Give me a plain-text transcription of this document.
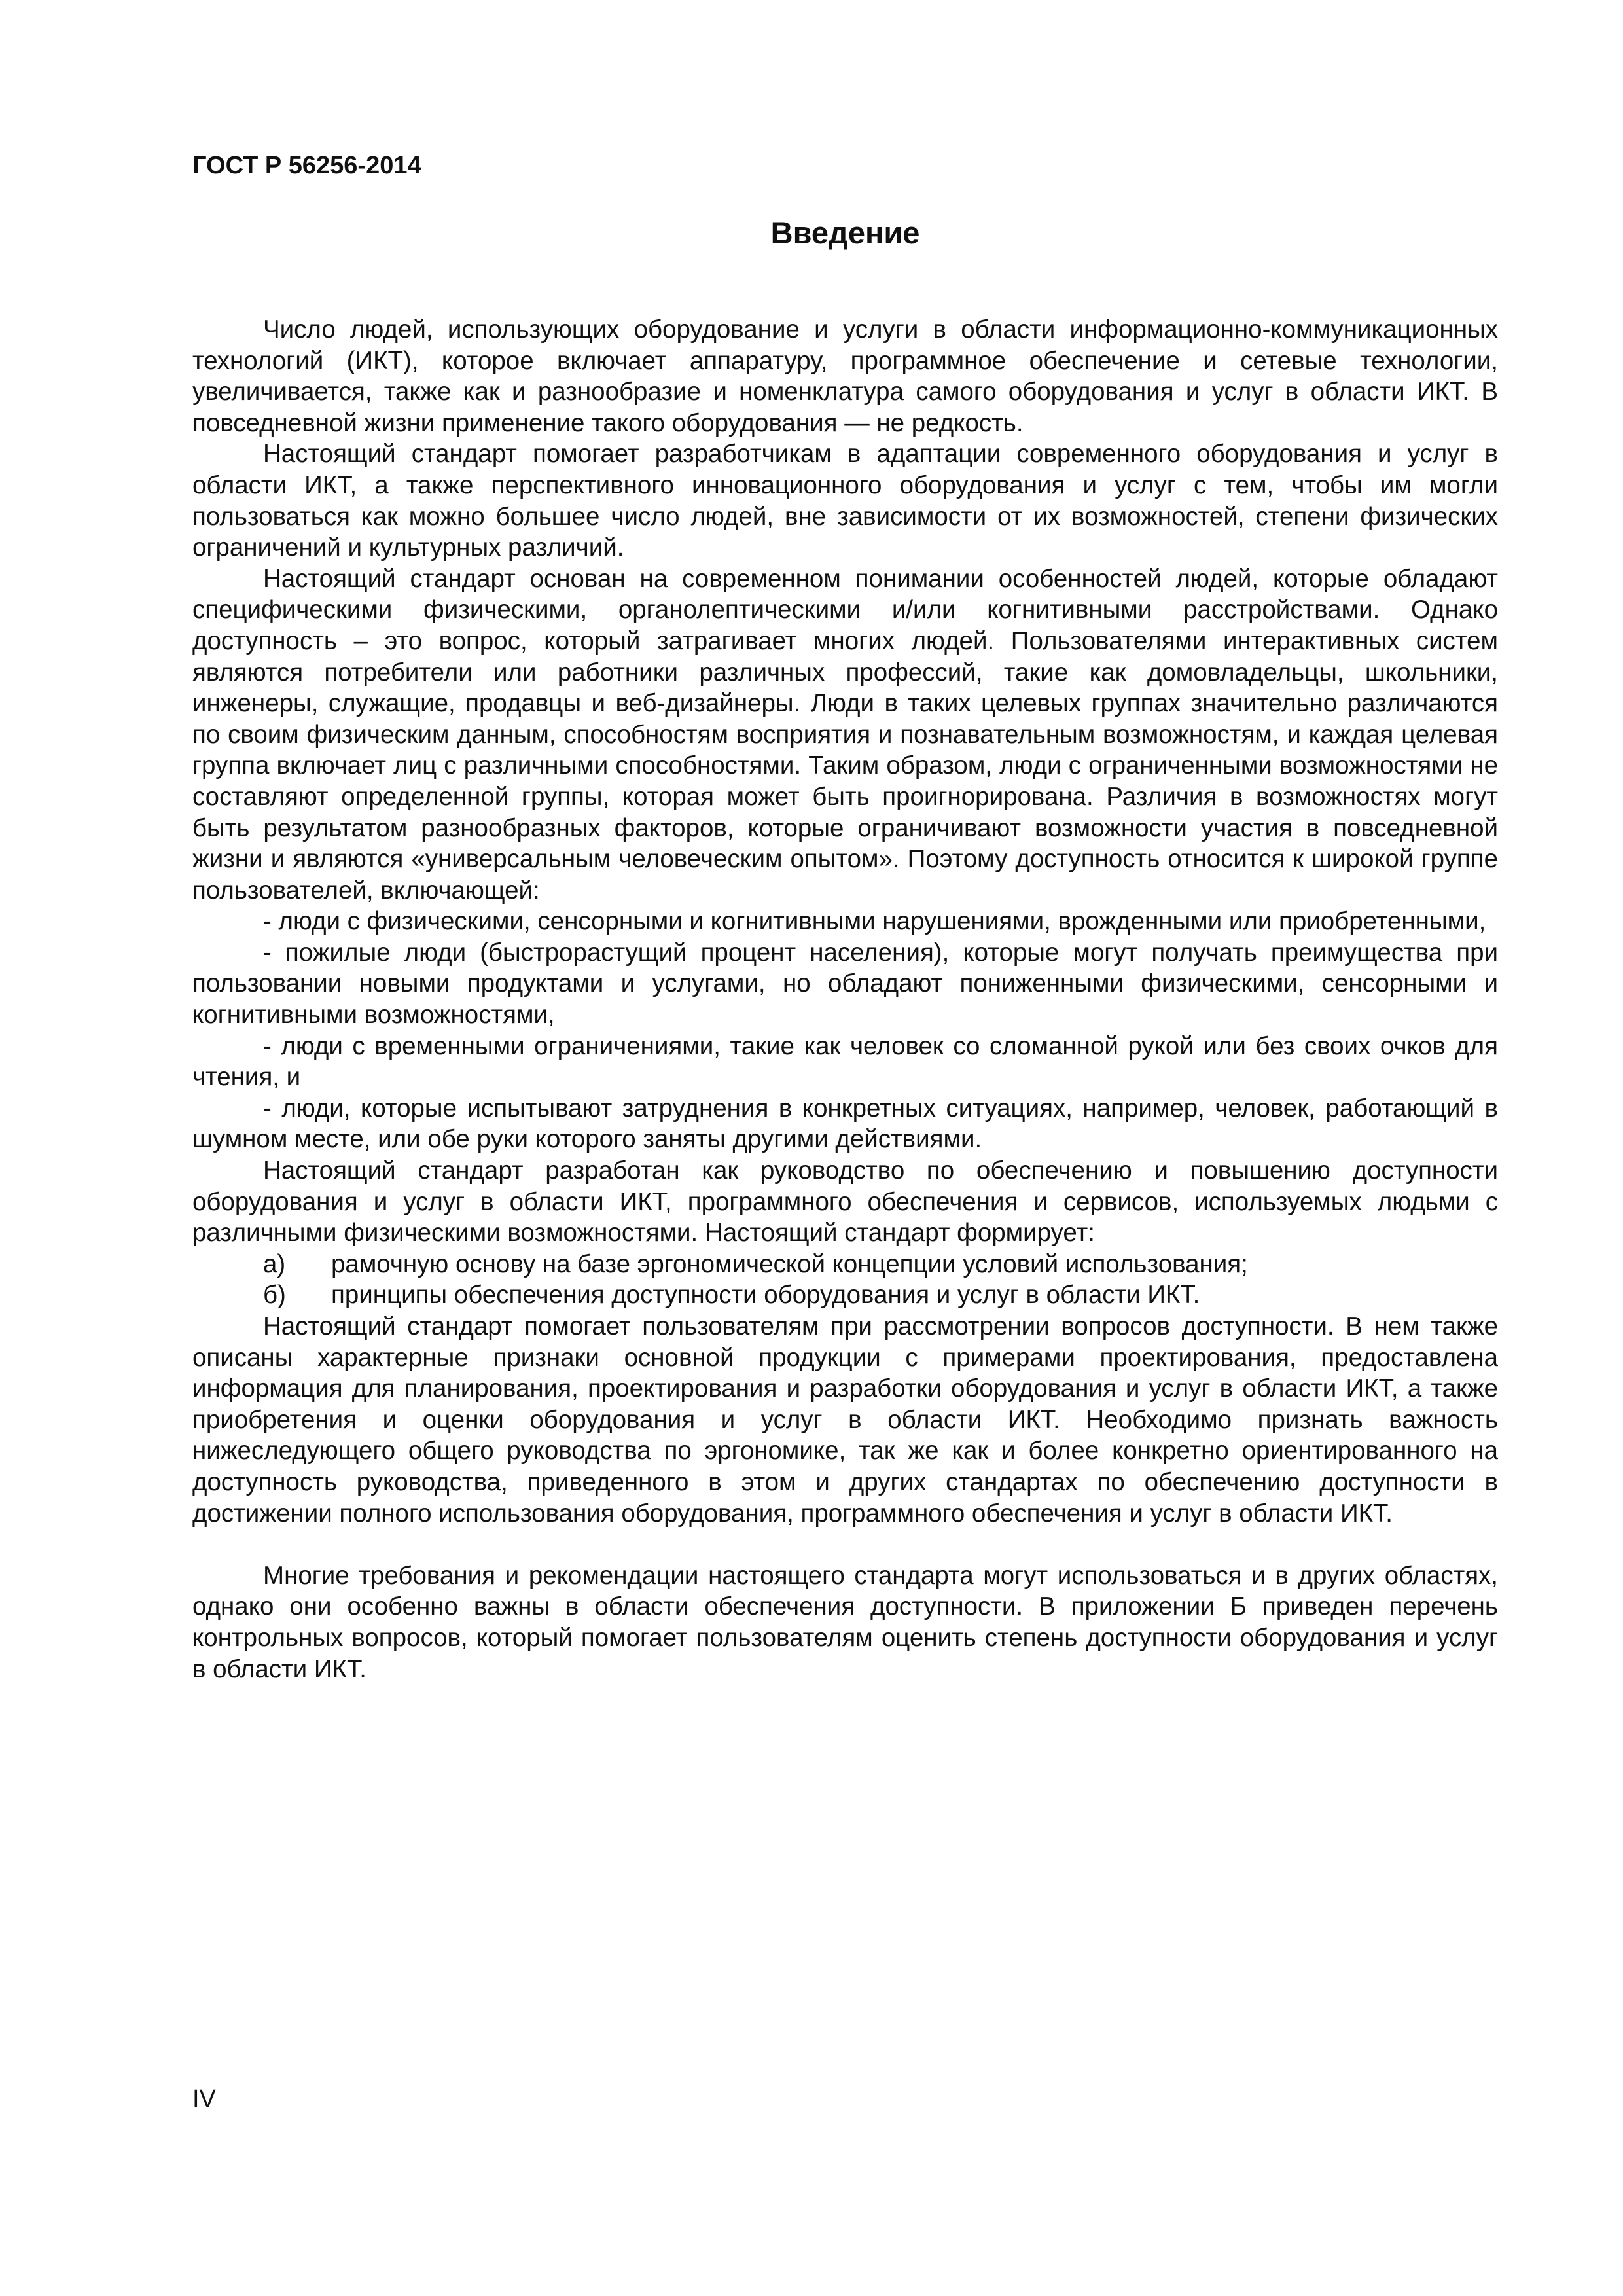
ГОСТ Р 56256-2014
Введение

Число людей, использующих оборудование и услуги в области информационно-коммуникационных технологий (ИКТ), которое включает аппаратуру, программное обеспечение и сетевые технологии, увеличивается, также как и разнообразие и номенклатура самого оборудования и услуг в области ИКТ. В повседневной жизни применение такого оборудования — не редкость.

Настоящий стандарт помогает разработчикам в адаптации современного оборудования и услуг в области ИКТ, а также перспективного инновационного оборудования и услуг с тем, чтобы им могли пользоваться как можно большее число людей, вне зависимости от их возможностей, степени физических ограничений и культурных различий.

Настоящий стандарт основан на современном понимании особенностей людей, которые обладают специфическими физическими, органолептическими и/или когнитивными расстройствами. Однако доступность – это вопрос, который затрагивает многих людей. Пользователями интерактивных систем являются потребители или работники различных профессий, такие как домовладельцы, школьники, инженеры, служащие, продавцы и веб-дизайнеры. Люди в таких целевых группах значительно различаются по своим физическим данным, способностям восприятия и познавательным возможностям, и каждая целевая группа включает лиц с различными способностями. Таким образом, люди с ограниченными возможностями не составляют определенной группы, которая может быть проигнорирована. Различия в возможностях могут быть результатом разнообразных факторов, которые ограничивают возможности участия в повседневной жизни и являются «универсальным человеческим опытом». Поэтому доступность относится к широкой группе пользователей, включающей:

- люди с физическими, сенсорными и когнитивными нарушениями, врожденными или приобретенными,

- пожилые люди (быстрорастущий процент населения), которые могут получать преимущества при пользовании новыми продуктами и услугами, но обладают пониженными физическими, сенсорными и когнитивными возможностями,

- люди с временными ограничениями, такие как человек со сломанной рукой или без своих очков для чтения, и

- люди, которые испытывают затруднения в конкретных ситуациях, например, человек, работающий в шумном месте, или обе руки которого заняты другими действиями.

Настоящий стандарт разработан как руководство по обеспечению и повышению доступности оборудования и услуг в области ИКТ, программного обеспечения и сервисов, используемых людьми с различными физическими возможностями. Настоящий стандарт формирует:

а)	рамочную основу на базе эргономической концепции условий использования;
б)	принципы обеспечения доступности оборудования и услуг в области ИКТ.

Настоящий стандарт помогает пользователям при рассмотрении вопросов доступности. В нем также описаны характерные признаки основной продукции с примерами проектирования, предоставлена информация для планирования, проектирования и разработки оборудования и услуг в области ИКТ, а также приобретения и оценки оборудования и услуг в области ИКТ. Необходимо признать важность нижеследующего общего руководства по эргономике, так же как и более конкретно ориентированного на доступность руководства, приведенного в этом и других стандартах по обеспечению доступности в достижении полного использования оборудования, программного обеспечения и услуг в области ИКТ.

Многие требования и рекомендации настоящего стандарта могут использоваться и в других областях, однако они особенно важны в области обеспечения доступности. В приложении Б приведен перечень контрольных вопросов, который помогает пользователям оценить степень доступности оборудования и услуг в области ИКТ.

IV
